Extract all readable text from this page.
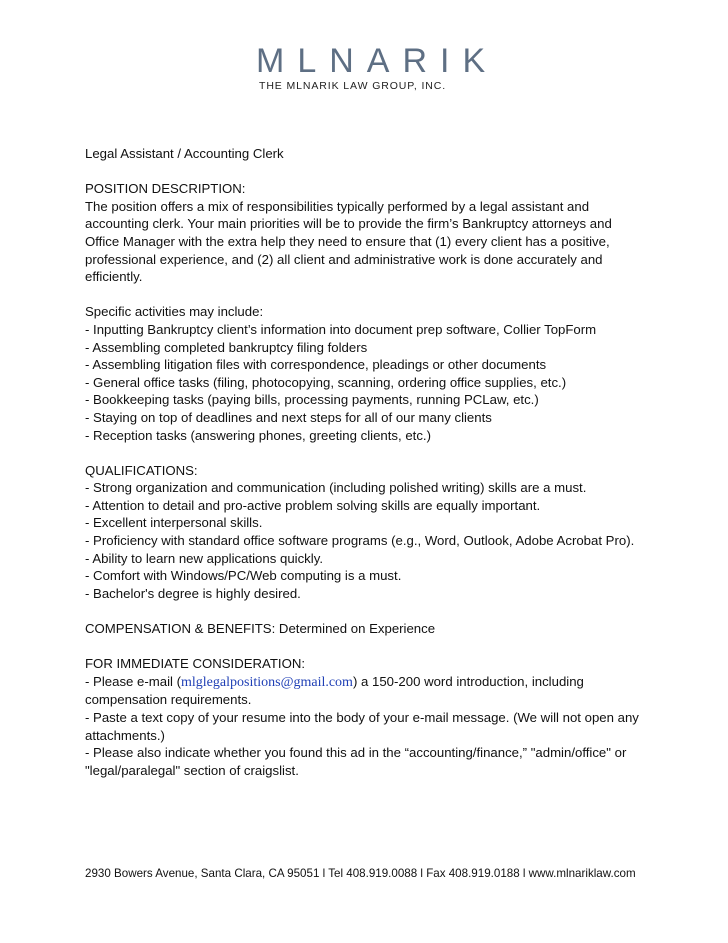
MLNARIK
THE MLNARIK LAW GROUP, INC.

Legal Assistant / Accounting Clerk

POSITION DESCRIPTION:

The position offers a mix of responsibilities typically performed by a legal assistant and

accounting clerk. Your main priorities will be to provide the firm’s Bankruptcy attorneys and

Office Manager with the extra help they need to ensure that (1) every client has a positive,

professional experience, and (2) all client and administrative work is done accurately and

efficiently.

Specific activities may include:

- Inputting Bankruptcy client’s information into document prep software, Collier TopForm

- Assembling completed bankruptcy filing folders

- Assembling litigation files with correspondence, pleadings or other documents

- General office tasks (filing, photocopying, scanning, ordering office supplies, etc.)

- Bookkeeping tasks (paying bills, processing payments, running PCLaw, etc.)

- Staying on top of deadlines and next steps for all of our many clients

- Reception tasks (answering phones, greeting clients, etc.)

QUALIFICATIONS:

- Strong organization and communication (including polished writing) skills are a must.

- Attention to detail and pro-active problem solving skills are equally important.

- Excellent interpersonal skills.

- Proficiency with standard office software programs (e.g., Word, Outlook, Adobe Acrobat Pro).

- Ability to learn new applications quickly.

- Comfort with Windows/PC/Web computing is a must.

- Bachelor's degree is highly desired.

COMPENSATION & BENEFITS: Determined on Experience

FOR IMMEDIATE CONSIDERATION:

- Please e-mail (mlglegalpositions@gmail.com) a 150-200 word introduction, including

compensation requirements.

- Paste a text copy of your resume into the body of your e-mail message. (We will not open any

attachments.)

- Please also indicate whether you found this ad in the “accounting/finance,” "admin/office" or

"legal/paralegal" section of craigslist.

2930 Bowers Avenue, Santa Clara, CA 95051 l Tel 408.919.0088 l Fax 408.919.0188 l www.mlnariklaw.com
